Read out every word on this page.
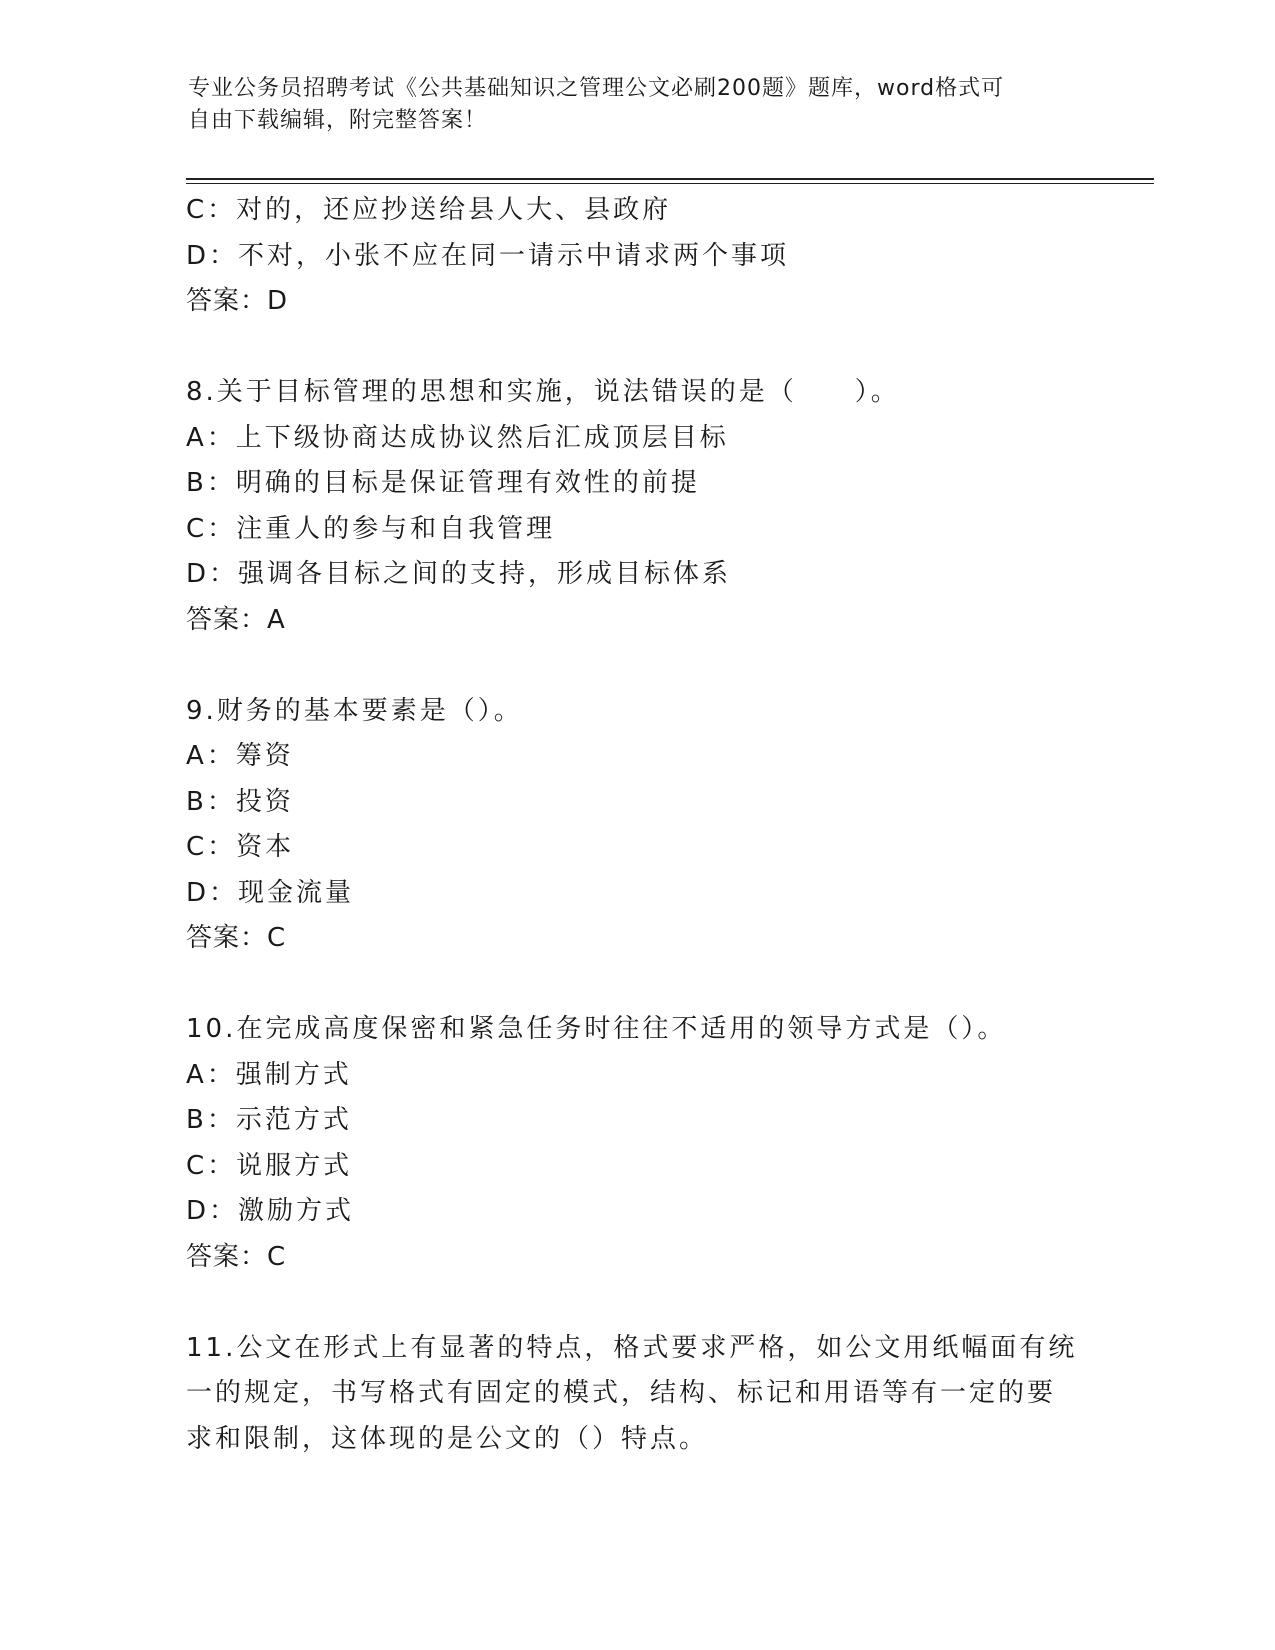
专业公务员招聘考试《公共基础知识之管理公文必刷200题》题库，word格式可
自由下载编辑，附完整答案！
C：对的，还应抄送给县人大、县政府
D：不对，小张不应在同一请示中请求两个事项
答案：D
8.关于目标管理的思想和实施，说法错误的是（　　）。
A：上下级协商达成协议然后汇成顶层目标
B：明确的目标是保证管理有效性的前提
C：注重人的参与和自我管理
D：强调各目标之间的支持，形成目标体系
答案：A
9.财务的基本要素是（）。
A：筹资
B：投资
C：资本
D：现金流量
答案：C
10.在完成高度保密和紧急任务时往往不适用的领导方式是（）。
A：强制方式
B：示范方式
C：说服方式
D：激励方式
答案：C
11.公文在形式上有显著的特点，格式要求严格，如公文用纸幅面有统
一的规定，书写格式有固定的模式，结构、标记和用语等有一定的要
求和限制，这体现的是公文的（）特点。
